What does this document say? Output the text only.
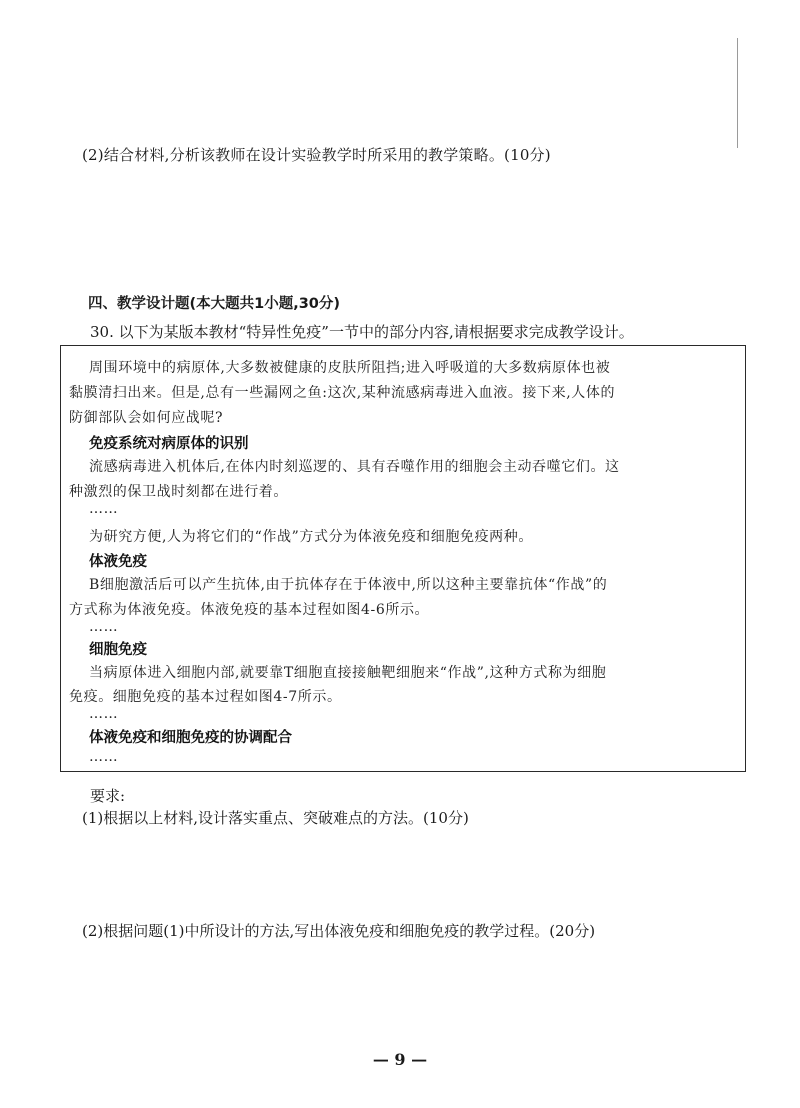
(2)结合材料,分析该教师在设计实验教学时所采用的教学策略。(10分)
四、教学设计题(本大题共1小题,30分)
30. 以下为某版本教材“特异性免疫”一节中的部分内容,请根据要求完成教学设计。
周围环境中的病原体,大多数被健康的皮肤所阻挡;进入呼吸道的大多数病原体也被
黏膜清扫出来。但是,总有一些漏网之鱼:这次,某种流感病毒进入血液。接下来,人体的
防御部队会如何应战呢?
免疫系统对病原体的识别
流感病毒进入机体后,在体内时刻巡逻的、具有吞噬作用的细胞会主动吞噬它们。这
种激烈的保卫战时刻都在进行着。
……
为研究方便,人为将它们的“作战”方式分为体液免疫和细胞免疫两种。
体液免疫
B细胞激活后可以产生抗体,由于抗体存在于体液中,所以这种主要靠抗体“作战”的
方式称为体液免疫。体液免疫的基本过程如图4-6所示。
……
细胞免疫
当病原体进入细胞内部,就要靠T细胞直接接触靶细胞来“作战”,这种方式称为细胞
免疫。细胞免疫的基本过程如图4-7所示。
……
体液免疫和细胞免疫的协调配合
……
要求:
(1)根据以上材料,设计落实重点、突破难点的方法。(10分)
(2)根据问题(1)中所设计的方法,写出体液免疫和细胞免疫的教学过程。(20分)
— 9 —
